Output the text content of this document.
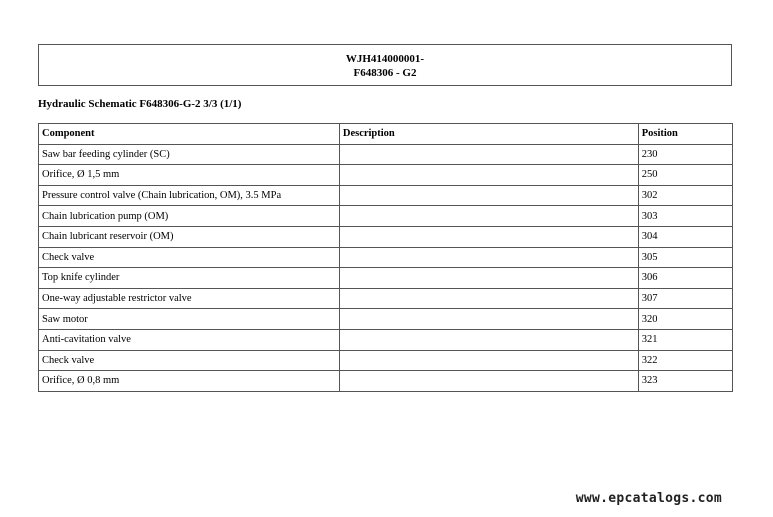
WJH414000001-
F648306 - G2
Hydraulic Schematic F648306-G-2 3/3 (1/1)
Component	Description	Position
Saw bar feeding cylinder (SC)		230
Orifice, Ø 1,5 mm		250
Pressure control valve (Chain lubrication, OM), 3.5 MPa		302
Chain lubrication pump (OM)		303
Chain lubricant reservoir (OM)		304
Check valve		305
Top knife cylinder		306
One-way adjustable restrictor valve		307
Saw motor		320
Anti-cavitation valve		321
Check valve		322
Orifice, Ø 0,8 mm		323
www.epcatalogs.com
